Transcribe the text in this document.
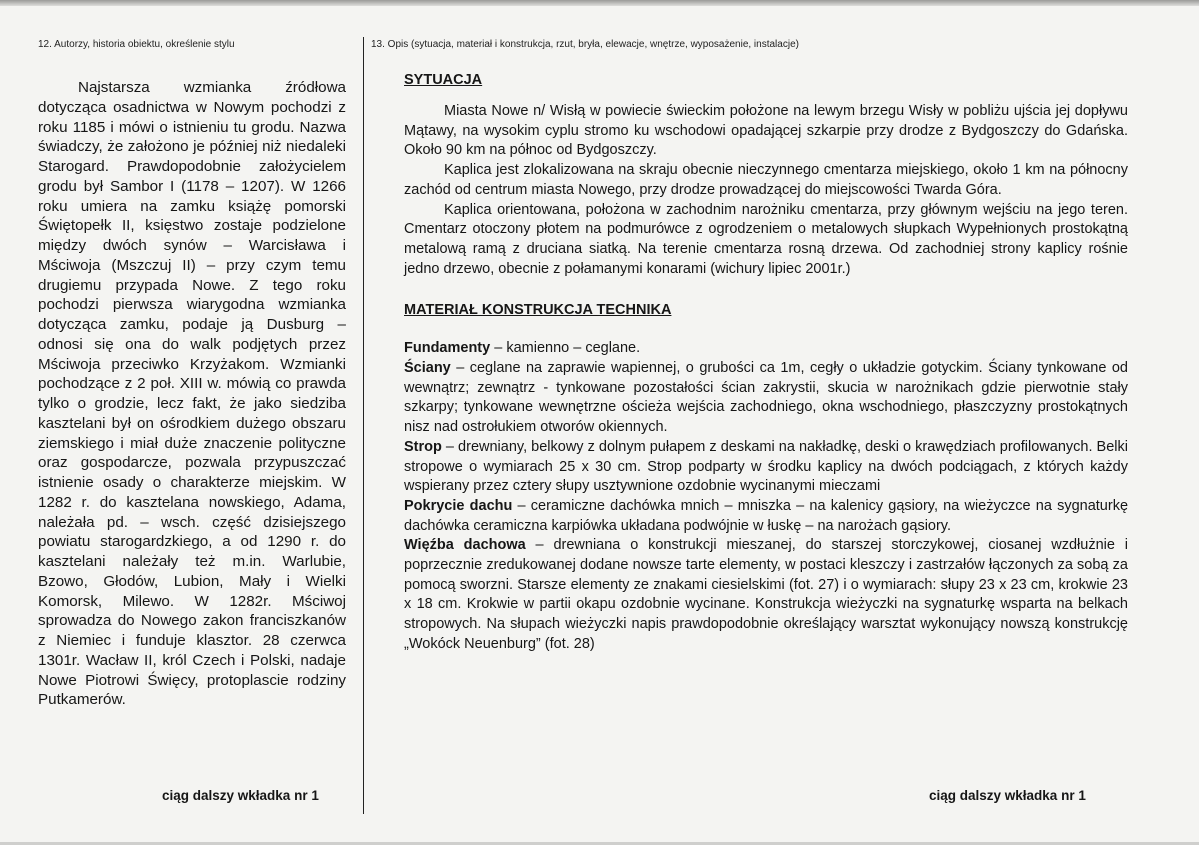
12. Autorzy, historia obiektu, określenie stylu

Najstarsza wzmianka źródłowa dotycząca osadnictwa w Nowym pochodzi z roku 1185 i mówi o istnieniu tu grodu. Nazwa świadczy, że założono je później niż niedaleki Starogard. Prawdopodobnie założycielem grodu był Sambor I (1178 – 1207). W 1266 roku umiera na zamku książę pomorski Świętopełk II, księstwo zostaje podzielone między dwóch synów – Warcisława i Mściwoja (Mszczuj II) – przy czym temu drugiemu przypada Nowe. Z tego roku pochodzi pierwsza wiarygodna wzmianka dotycząca zamku, podaje ją Dusburg – odnosi się ona do walk podjętych przez Mściwoja przeciwko Krzyżakom. Wzmianki pochodzące z 2 poł. XIII w. mówią co prawda tylko o grodzie, lecz fakt, że jako siedziba kasztelani był on ośrodkiem dużego obszaru ziemskiego i miał duże znaczenie polityczne oraz gospodarcze, pozwala przypuszczać istnienie osady o charakterze miejskim. W 1282 r. do kasztelana nowskiego, Adama, należała pd. – wsch. część dzisiejszego powiatu starogardzkiego, a od 1290 r. do kasztelani należały też m.in. Warlubie, Bzowo, Głodów, Lubion, Mały i Wielki Komorsk, Milewo. W 1282r. Mściwoj sprowadza do Nowego zakon franciszkanów z Niemiec i funduje klasztor. 28 czerwca 1301r. Wacław II, król Czech i Polski, nadaje Nowe Piotrowi Święcy, protoplascie rodziny Putkamerów.

ciąg dalszy wkładka nr 1
13. Opis (sytuacja, materiał i konstrukcja, rzut, bryła, elewacje, wnętrze, wyposażenie, instalacje)
SYTUACJA

Miasta Nowe n/ Wisłą w powiecie świeckim położone na lewym brzegu Wisły w pobliżu ujścia jej dopływu Mątawy, na wysokim cyplu stromo ku wschodowi opadającej szkarpie przy drodze z Bydgoszczy do Gdańska. Około 90 km na północ od Bydgoszczy.

Kaplica jest zlokalizowana na skraju obecnie nieczynnego cmentarza miejskiego, około 1 km na północny zachód od centrum miasta Nowego, przy drodze prowadzącej do miejscowości Twarda Góra.

Kaplica orientowana, położona w zachodnim narożniku cmentarza, przy głównym wejściu na jego teren. Cmentarz otoczony płotem na podmurówce z ogrodzeniem o metalowych słupkach Wypełnionych prostokątną metalową ramą z druciana siatką. Na terenie cmentarza rosną drzewa. Od zachodniej strony kaplicy rośnie jedno drzewo, obecnie z połamanymi konarami (wichury lipiec 2001r.)

MATERIAŁ KONSTRUKCJA TECHNIKA

Fundamenty – kamienno – ceglane.

Ściany – ceglane na zaprawie wapiennej, o grubości ca 1m, cegły o układzie gotyckim. Ściany tynkowane od wewnątrz; zewnątrz - tynkowane pozostałości ścian zakrystii, skucia w narożnikach gdzie pierwotnie stały szkarpy; tynkowane wewnętrzne ościeża wejścia zachodniego, okna wschodniego, płaszczyzny prostokątnych nisz nad ostrołukiem otworów okiennych.

Strop – drewniany, belkowy z dolnym pułapem z deskami na nakładkę, deski o krawędziach profilowanych. Belki stropowe o wymiarach 25 x 30 cm. Strop podparty w środku kaplicy na dwóch podciągach, z których każdy wspierany przez cztery słupy usztywnione ozdobnie wycinanymi mieczami

Pokrycie dachu – ceramiczne dachówka mnich – mniszka – na kalenicy gąsiory, na wieżyczce na sygnaturkę dachówka ceramiczna karpiówka układana podwójnie w łuskę – na narożach gąsiory.

Więźba dachowa – drewniana o konstrukcji mieszanej, do starszej storczykowej, ciosanej wzdłużnie i poprzecznie zredukowanej dodane nowsze tarte elementy, w postaci kleszczy i zastrzałów łączonych za sobą za pomocą sworzni. Starsze elementy ze znakami ciesielskimi (fot. 27) i o wymiarach: słupy 23 x 23 cm, krokwie 23 x 18 cm. Krokwie w partii okapu ozdobnie wycinane. Konstrukcja wieżyczki na sygnaturkę wsparta na belkach stropowych. Na słupach wieżyczki napis prawdopodobnie określający warsztat wykonujący nowszą konstrukcję „Wokóck Neuenburg” (fot. 28)

ciąg dalszy wkładka nr 1
